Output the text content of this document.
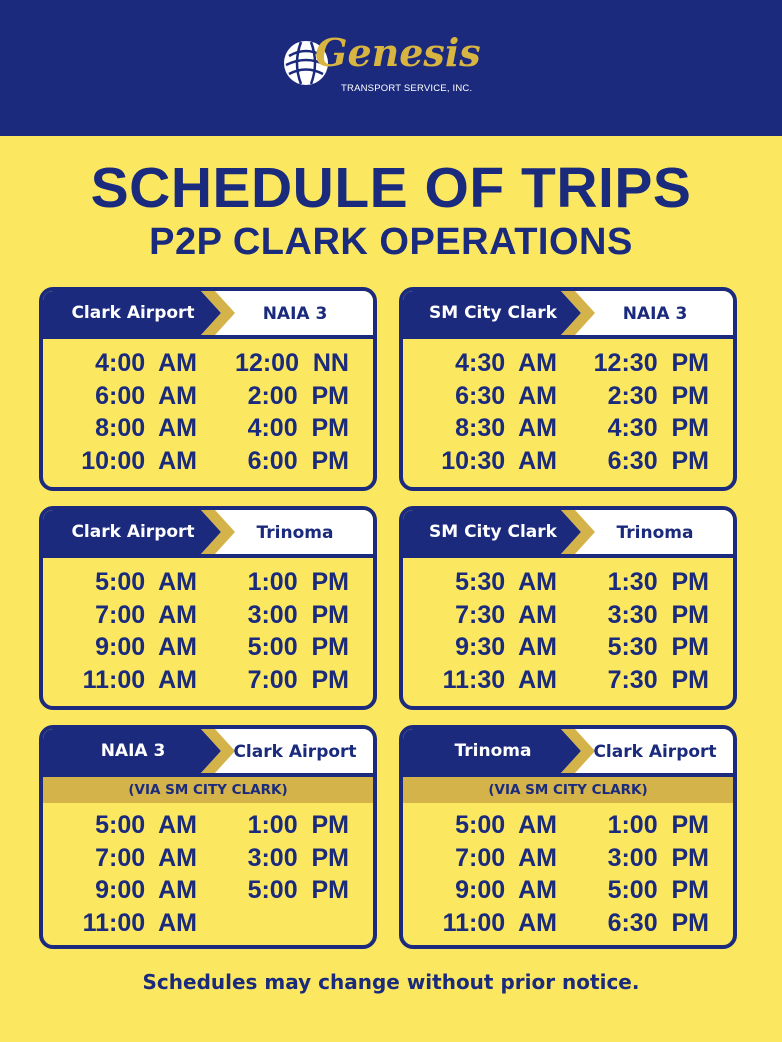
Genesis
TRANSPORT SERVICE, INC.
SCHEDULE OF TRIPS
P2P CLARK OPERATIONS
Clark Airport	NAIA 3
4:00  AM	12:00  NN
6:00  AM	2:00  PM
8:00  AM	4:00  PM
10:00  AM	6:00  PM
SM City Clark	NAIA 3
4:30  AM	12:30  PM
6:30  AM	2:30  PM
8:30  AM	4:30  PM
10:30  AM	6:30  PM
Clark Airport	Trinoma
5:00  AM	1:00  PM
7:00  AM	3:00  PM
9:00  AM	5:00  PM
11:00  AM	7:00  PM
SM City Clark	Trinoma
5:30  AM	1:30  PM
7:30  AM	3:30  PM
9:30  AM	5:30  PM
11:30  AM	7:30  PM
NAIA 3	Clark Airport
(VIA SM CITY CLARK)
5:00  AM	1:00  PM
7:00  AM	3:00  PM
9:00  AM	5:00  PM
11:00  AM
Trinoma	Clark Airport
(VIA SM CITY CLARK)
5:00  AM	1:00  PM
7:00  AM	3:00  PM
9:00  AM	5:00  PM
11:00  AM	6:30  PM
Schedules may change without prior notice.
